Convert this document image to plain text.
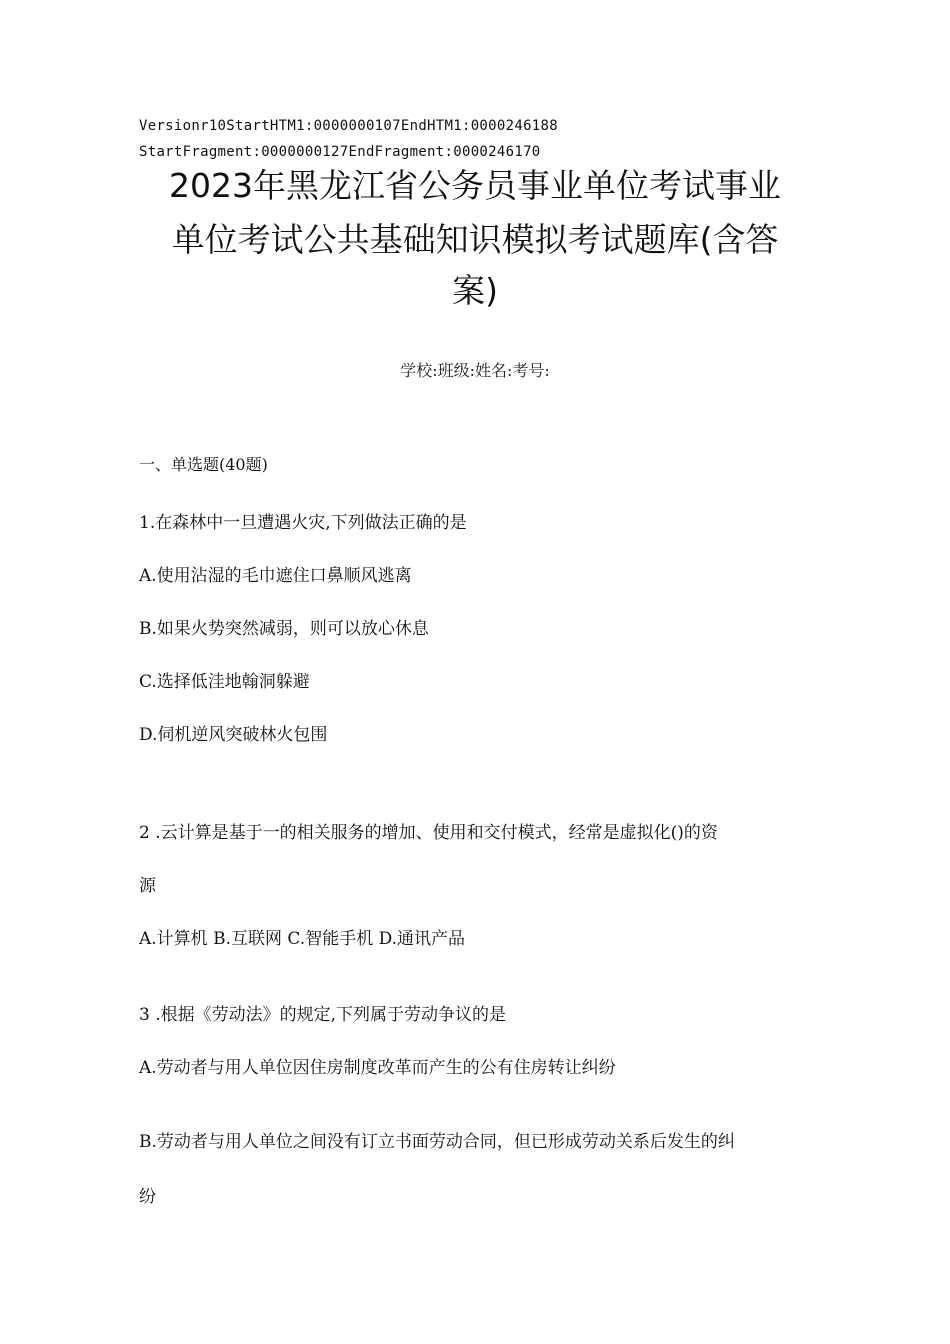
Versionr10StartHTM1:0000000107EndHTM1:0000246188
StartFragment:0000000127EndFragment:0000246170
2023年黑龙江省公务员事业单位考试事业
单位考试公共基础知识模拟考试题库(含答
案)
学校:班级:姓名:考号:
一、单选题(40题)
1.在森林中一旦遭遇火灾,下列做法正确的是
A.使用沾湿的毛巾遮住口鼻顺风逃离
B.如果火势突然减弱，则可以放心休息
C.选择低洼地翰洞躲避
D.伺机逆风突破林火包围
2 .云计算是基于一的相关服务的增加、使用和交付模式，经常是虚拟化()的资
源
A.计算机 B.互联网 C.智能手机 D.通讯产品
3 .根据《劳动法》的规定,下列属于劳动争议的是
A.劳动者与用人单位因住房制度改革而产生的公有住房转让纠纷
B.劳动者与用人单位之间没有订立书面劳动合同，但已形成劳动关系后发生的纠
纷
